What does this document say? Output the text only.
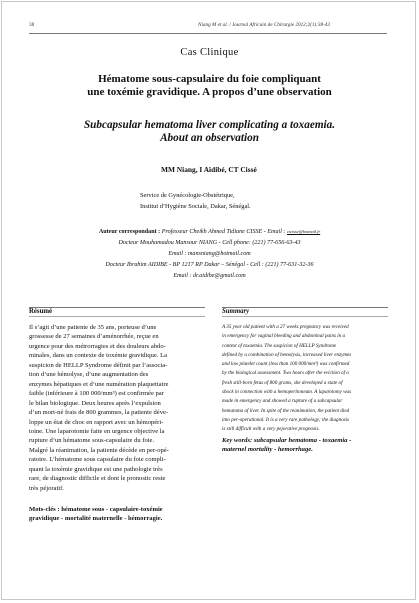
38	Niang M et al. / Journal Africain de Chirurgie 2012;2(1):38-43
Cas Clinique
Hématome sous-capsulaire du foie compliquant
une toxémie gravidique. A propos d’une observation
Subcapsular hematoma liver complicating a toxaemia.
About an observation
MM Niang, I Aïdibé, CT Cissé
Service de Gynécologie-Obstétrique,
Institut d’Hygiène Sociale, Dakar, Sénégal.
Auteur correspondant : Professeur Cheikh Ahmed Tidiane CISSE - Email : ctcisse@hotmail.fr
Docteur Mouhamadou Mansour NIANG - Cell phone: (221) 77-656-63-43
Email : mansniang@hotmail.com
Docteur Ibrahim AIDIBE - BP 1217 RP Dakar – Sénégal - Cell : (221) 77-631-32-36
Email : dr.aidibe@gmail.com
Résumé
Il s’agit d’une patiente de 35 ans, porteuse d’une
grossesse de 27 semaines d’aménorrhée, reçue en
urgence pour des métrorragies et des douleurs abdo-
minales, dans un contexte de toxémie gravidique. La
suspicion de HELLP Syndrome définit par l’associa-
tion d’une hémolyse, d’une augmentation des
enzymes hépatiques et d’une numération plaquettaire
faible (inférieure à 100 000/mm³) est confirmée par
le bilan biologique. Deux heures après l’expulsion
d’un mort-né frais de 800 grammes, la patiente déve-
loppe un état de choc en rapport avec un hémopéri-
toine. Une laparotomie faite en urgence objective la
rupture d’un hématome sous-capsulaire du foie.
Malgré la réanimation, la patiente décède en per-opé-
ratoire. L’hématome sous capsulaire du foie compli-
quant la toxémie gravidique est une pathologie très
rare, de diagnostic difficile et dont le pronostic reste
très péjoratif.
Mots-clés : hématome sous - capsulaire-toxémie
gravidique - mortalité maternelle - hémorragie.
Summary
A 35 year old patient with a 27 weeks pregnancy was received
in emergency for vaginal bleeding and abdominal pains in a
context of toxaemia. The suspicion of HELLP Syndrome
defined by a combination of hemolysis, increased liver enzymes
and low platelet count (less than 100 000/mm³) was confirmed
by the biological assessment. Two hours after the eviction of a
fresh still-born fetus of 800 grams, she developed a state of
shock in connection with a hemoperitoneum. A laparotomy was
made in emergency and showed a rupture of a subcapsular
hematoma of liver. In spite of the reanimation, the patient died
into per-operational. It is a very rare pathology; the diagnosis
is still difficult with a very pejorative prognosis.
Key words: subcapsular hematoma - toxaemia -
maternel mortality - hemorrhage.
